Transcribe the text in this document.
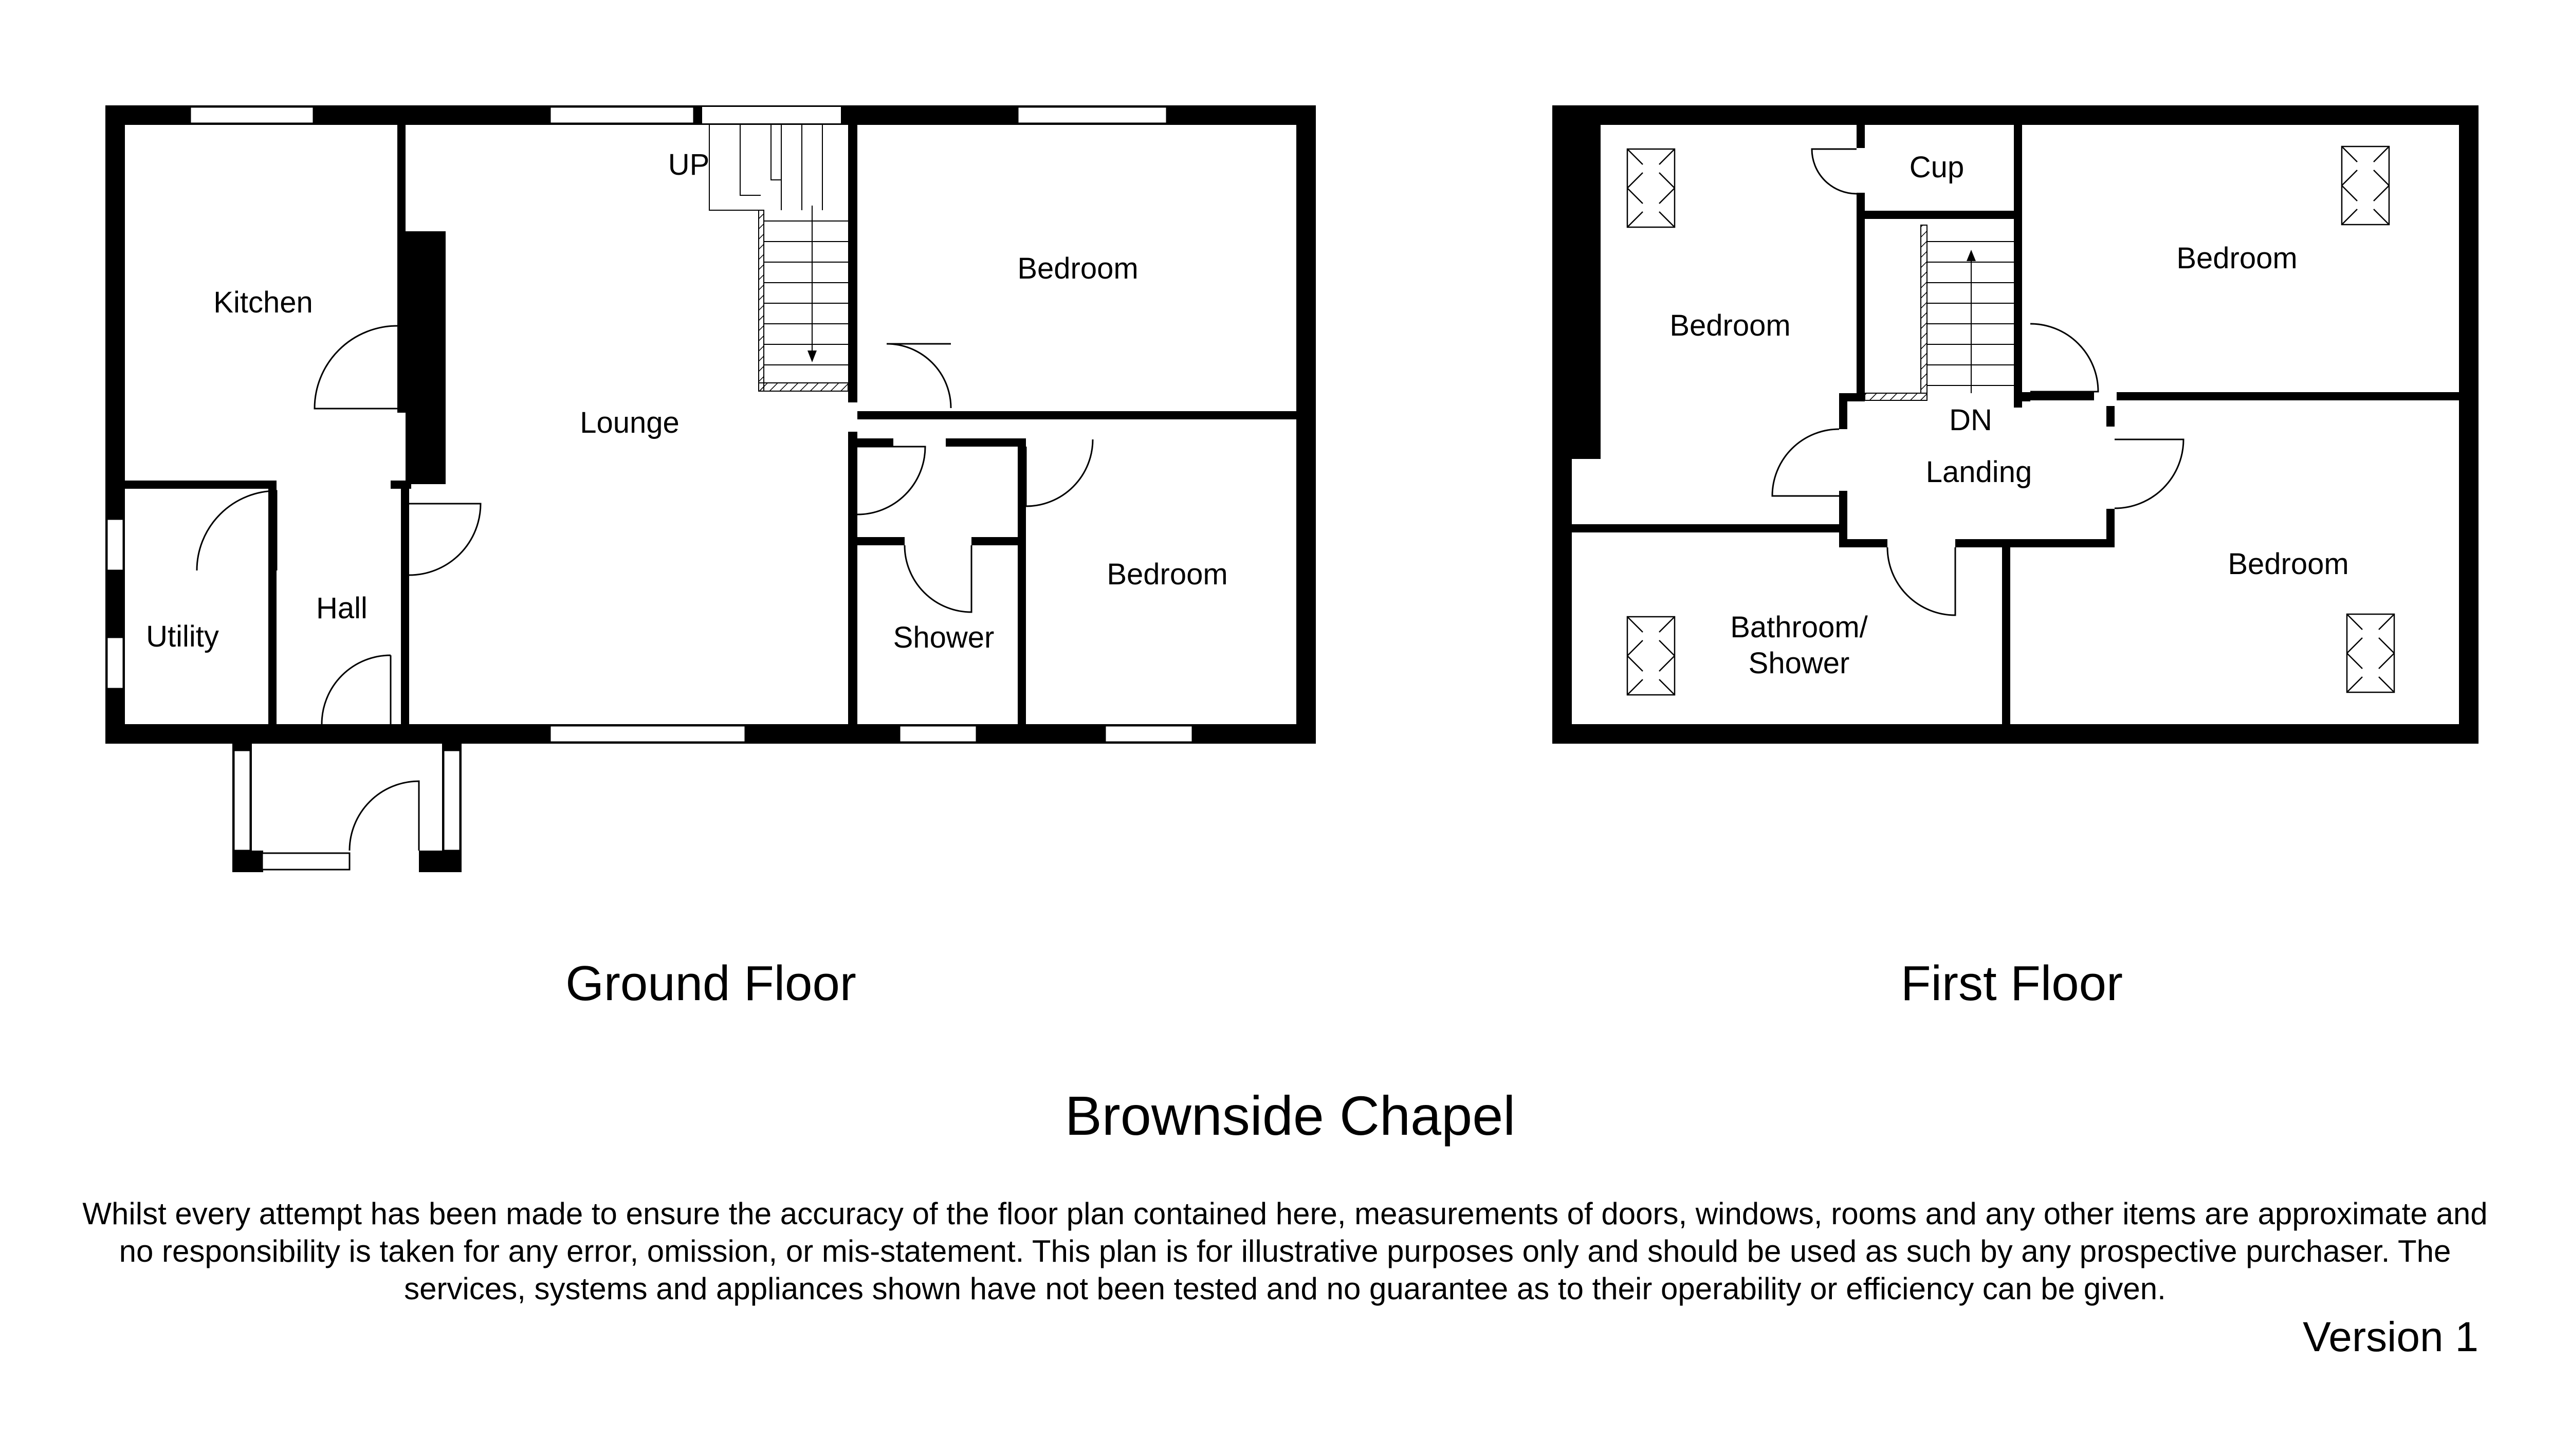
Kitchen
Lounge
Bedroom
Bedroom
Utility
Hall
Shower
UP
Ground Floor
Bedroom
Cup
Bedroom
Landing
Bathroom/
Shower
Bedroom
DN
First Floor
Brownside Chapel

Whilst every attempt has been made to ensure the accuracy of the floor plan contained here, measurements of doors, windows, rooms and any other items are approximate and no responsibility is taken for any error, omission, or mis-statement. This plan is for illustrative purposes only and should be used as such by any prospective purchaser. The services, systems and appliances shown have not been tested and no guarantee as to their operability or efficiency can be given.

Version 1
